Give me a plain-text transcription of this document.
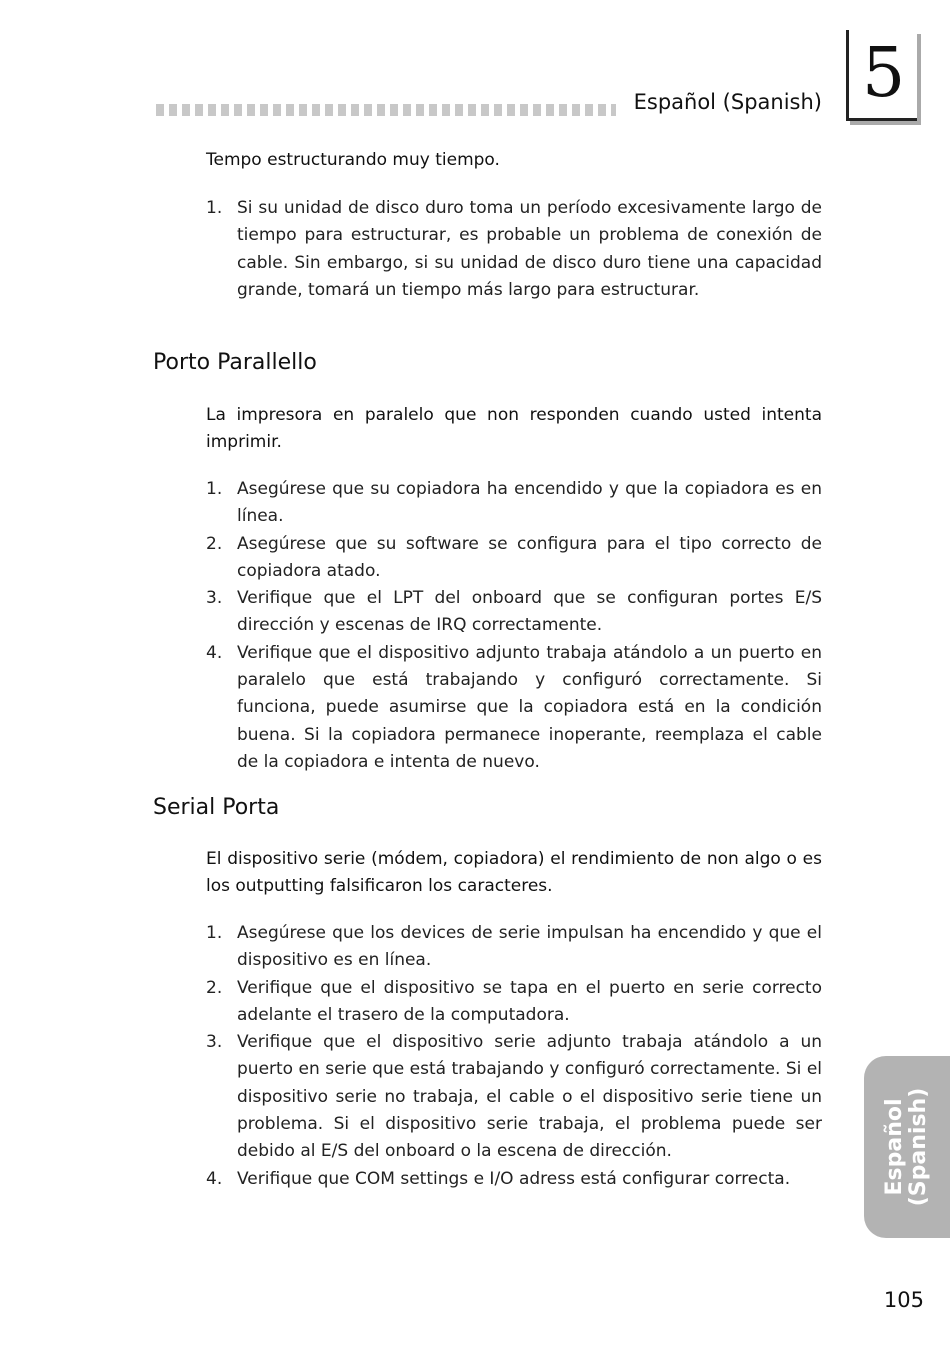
Español (Spanish) 5
Tempo estructurando muy tiempo.
1. Si su unidad de disco duro toma un período excesivamente largo de tiempo para estructurar, es probable un problema de conexión de cable. Sin embargo, si su unidad de disco duro tiene una capacidad grande, tomará un tiempo más largo para estructurar.
Porto Parallello
La impresora en paralelo que non responden cuando usted intenta imprimir.
1. Asegúrese que su copiadora ha encendido y que la copiadora es en línea.
2. Asegúrese que su software se configura para el tipo correcto de copiadora atado.
3. Verifique que el LPT del onboard que se configuran portes E/S dirección y escenas de IRQ correctamente.
4. Verifique que el dispositivo adjunto trabaja atándolo a un puerto en paralelo que está trabajando y configuró correctamente. Si funciona, puede asumirse que la copiadora está en la condición buena. Si la copiadora permanece inoperante, reemplaza el cable de la copiadora e intenta de nuevo.
Serial Porta
El dispositivo serie (módem, copiadora) el rendimiento de non algo o es los outputting falsificaron los caracteres.
1. Asegúrese que los devices de serie impulsan ha encendido y que el dispositivo es en línea.
2. Verifique que el dispositivo se tapa en el puerto en serie correcto adelante el trasero de la computadora.
3. Verifique que el dispositivo serie adjunto trabaja atándolo a un puerto en serie que está trabajando y configuró correctamente. Si el dispositivo serie no trabaja, el cable o el dispositivo serie tiene un problema. Si el dispositivo serie trabaja, el problema puede ser debido al E/S del onboard o la escena de dirección.
4. Verifique que COM settings e I/O adress está configurar correcta.	Español (Spanish)
105
